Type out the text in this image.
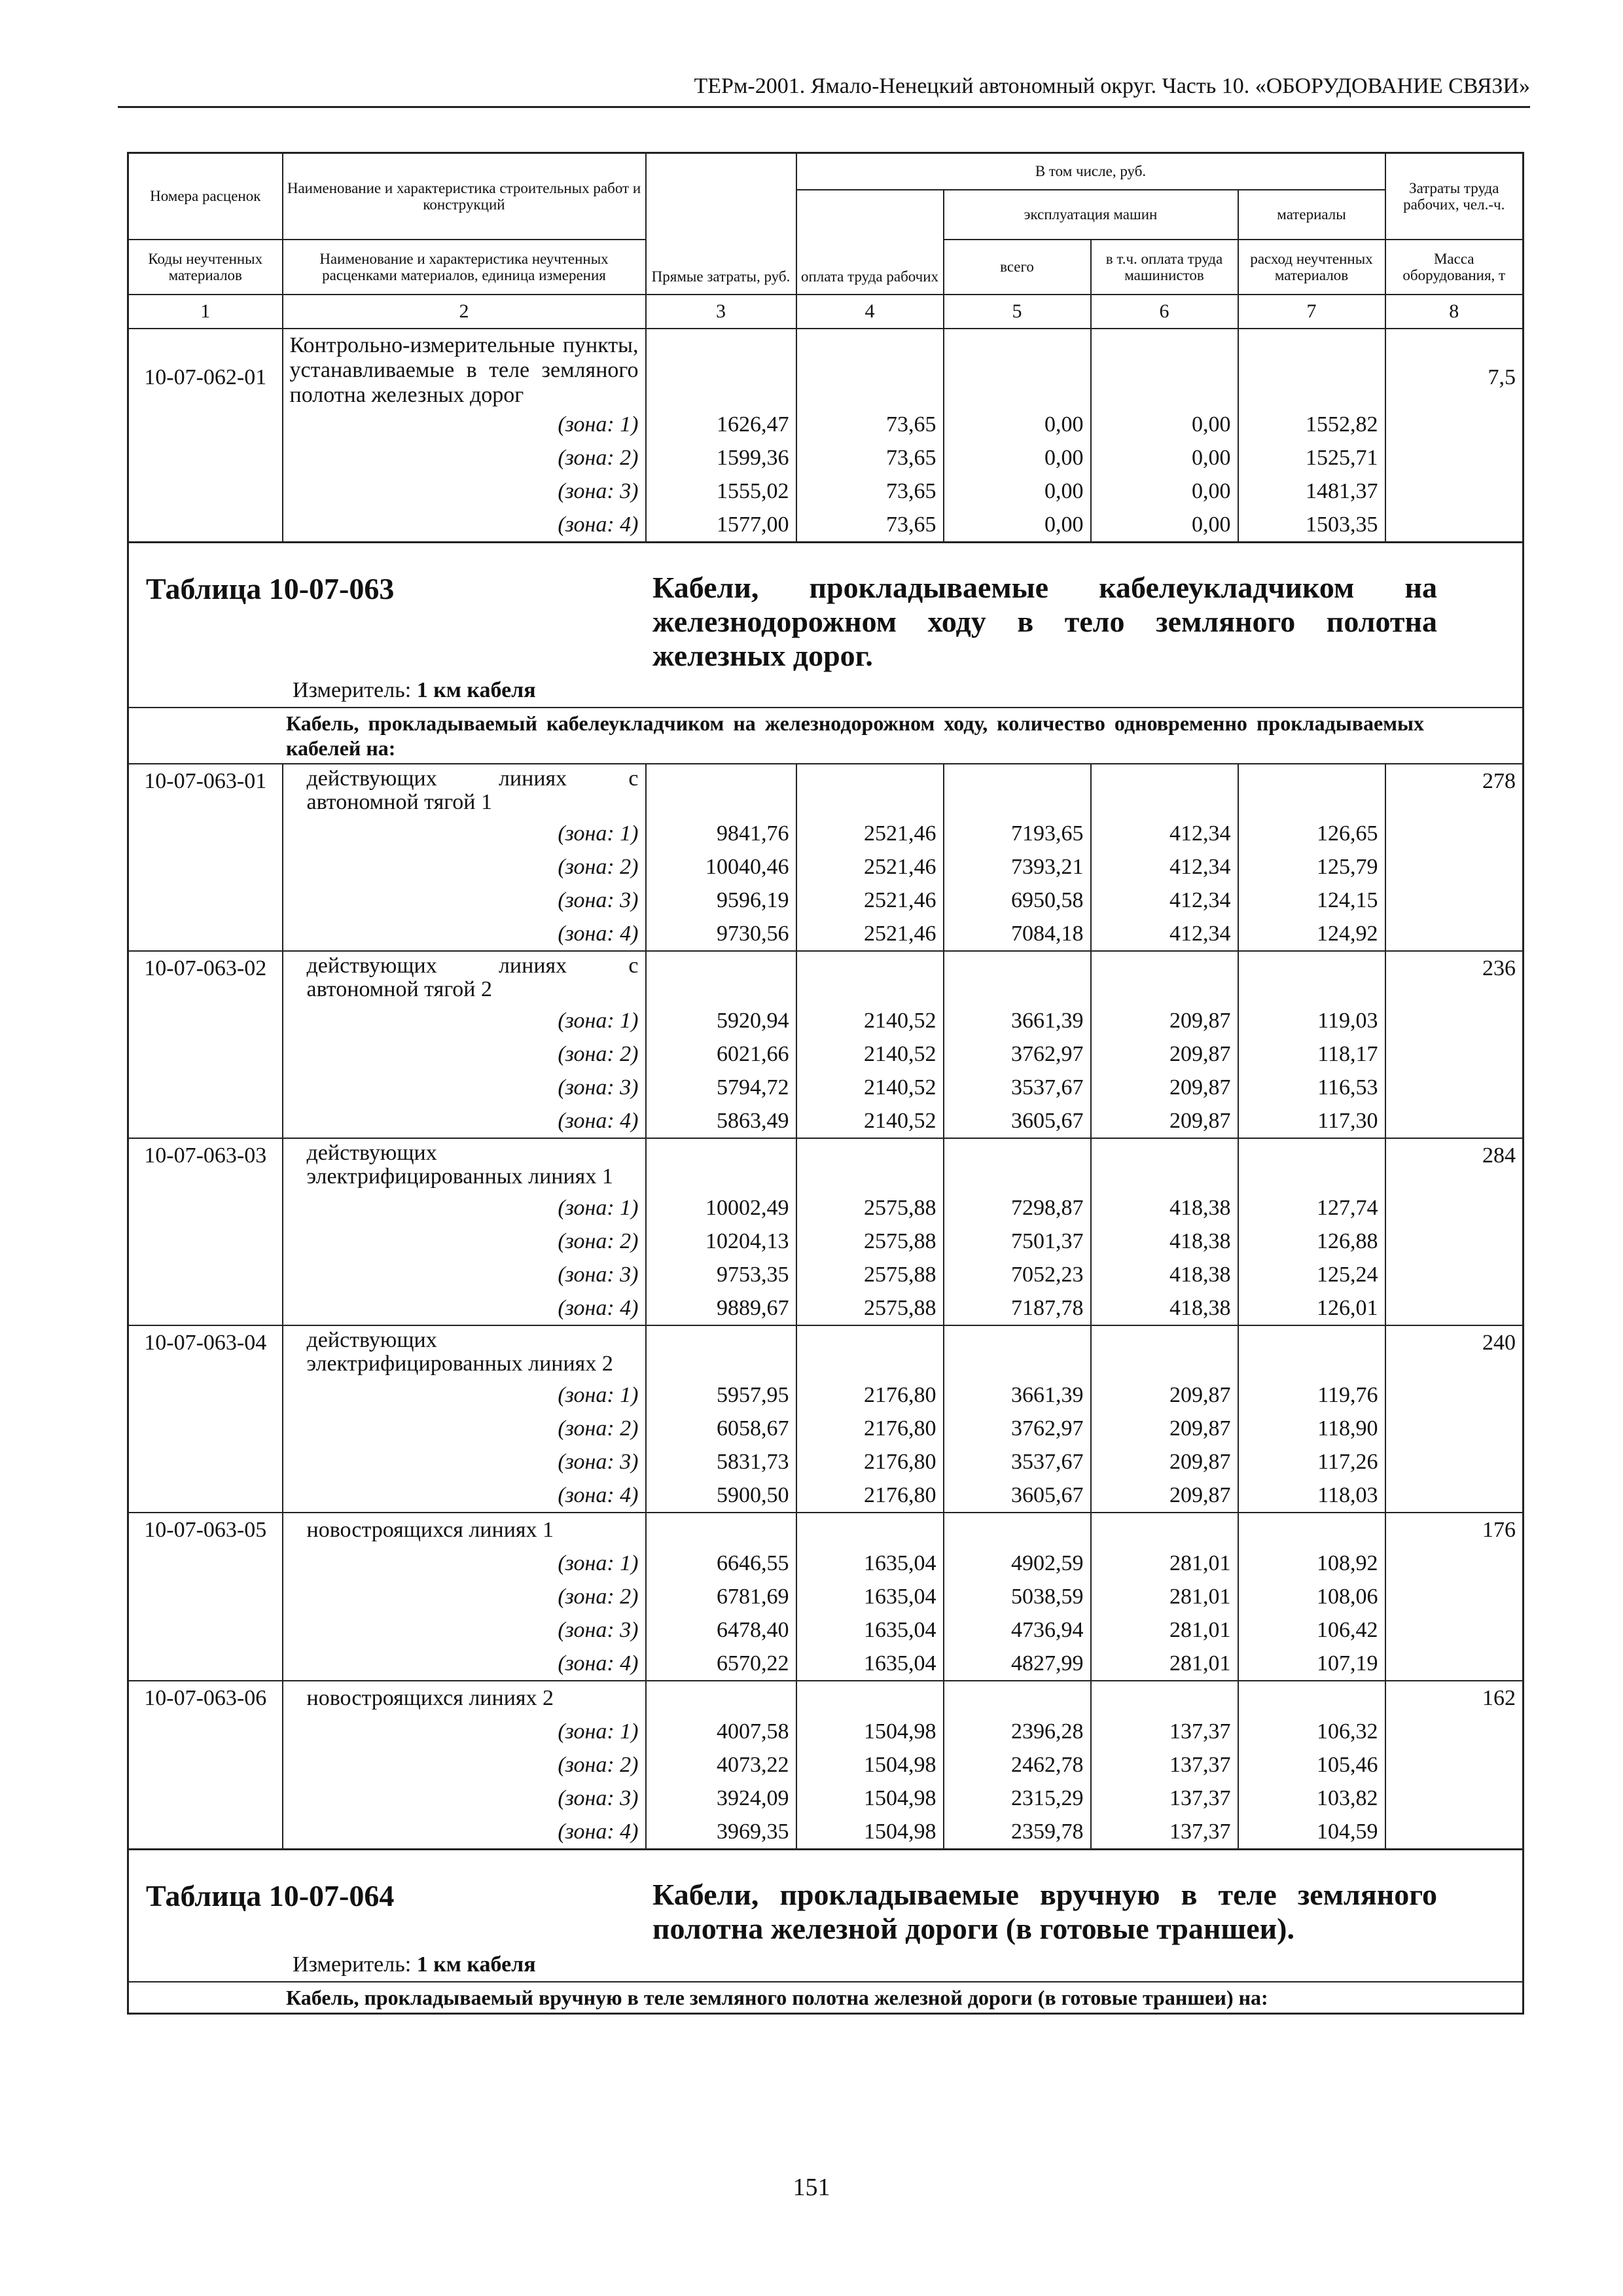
ТЕРм-2001. Ямало-Ненецкий автономный округ. Часть 10. «ОБОРУДОВАНИЕ СВЯЗИ»
Номера расценок	Наименование и характеристика строительных работ и конструкций	Прямые затраты, руб.	В том числе, руб.				Затраты труда рабочих, чел.-ч.
			оплата труда рабочих	эксплуатация машин		материалы	

Коды неучтенных материалов	Наименование и характеристика неучтенных расценками материалов, единица измерения			всего	в т.ч. оплата труда машинистов	расход неучтенных материалов	Масса оборудования, т

1	2	3	4	5	6	7	8
10-07-062-01	Контрольно-измерительные пункты, устанавливаемые в теле земляного полотна железных дорог						7,5
	(зона: 1)	1626,47	73,65	0,00	0,00	1552,82	
	(зона: 2)	1599,36	73,65	0,00	0,00	1525,71	
	(зона: 3)	1555,02	73,65	0,00	0,00	1481,37	
	(зона: 4)	1577,00	73,65	0,00	0,00	1503,35	

Таблица 10-07-063 Кабели, прокладываемые кабелеукладчиком на железнодорожном ходу в тело земляного полотна железных дорог.
Измеритель: 1 км кабеля							

Кабель, прокладываемый кабелеукладчиком на железнодорожном ходу, количество одновременно прокладываемых кабелей на:							

10-07-063-01	действующих линиях с автономной тягой 1						278
	(зона: 1)	9841,76	2521,46	7193,65	412,34	126,65	
	(зона: 2)	10040,46	2521,46	7393,21	412,34	125,79	
	(зона: 3)	9596,19	2521,46	6950,58	412,34	124,15	
	(зона: 4)	9730,56	2521,46	7084,18	412,34	124,92	
10-07-063-02	действующих линиях с автономной тягой 2						236
	(зона: 1)	5920,94	2140,52	3661,39	209,87	119,03	
	(зона: 2)	6021,66	2140,52	3762,97	209,87	118,17	
	(зона: 3)	5794,72	2140,52	3537,67	209,87	116,53	
	(зона: 4)	5863,49	2140,52	3605,67	209,87	117,30	
10-07-063-03	действующих электрифицированных линиях 1						284
	(зона: 1)	10002,49	2575,88	7298,87	418,38	127,74	
	(зона: 2)	10204,13	2575,88	7501,37	418,38	126,88	
	(зона: 3)	9753,35	2575,88	7052,23	418,38	125,24	
	(зона: 4)	9889,67	2575,88	7187,78	418,38	126,01	
10-07-063-04	действующих электрифицированных линиях 2						240
	(зона: 1)	5957,95	2176,80	3661,39	209,87	119,76	
	(зона: 2)	6058,67	2176,80	3762,97	209,87	118,90	
	(зона: 3)	5831,73	2176,80	3537,67	209,87	117,26	
	(зона: 4)	5900,50	2176,80	3605,67	209,87	118,03	
10-07-063-05	новостроящихся линиях 1						176
	(зона: 1)	6646,55	1635,04	4902,59	281,01	108,92	
	(зона: 2)	6781,69	1635,04	5038,59	281,01	108,06	
	(зона: 3)	6478,40	1635,04	4736,94	281,01	106,42	
	(зона: 4)	6570,22	1635,04	4827,99	281,01	107,19	
10-07-063-06	новостроящихся линиях 2						162
	(зона: 1)	4007,58	1504,98	2396,28	137,37	106,32	
	(зона: 2)	4073,22	1504,98	2462,78	137,37	105,46	
	(зона: 3)	3924,09	1504,98	2315,29	137,37	103,82	
	(зона: 4)	3969,35	1504,98	2359,78	137,37	104,59	

Таблица 10-07-064 Кабели, прокладываемые вручную в теле земляного полотна железной дороги (в готовые траншеи).
Измеритель: 1 км кабеля							

Кабель, прокладываемый вручную в теле земляного полотна железной дороги (в готовые траншеи) на:							
151
